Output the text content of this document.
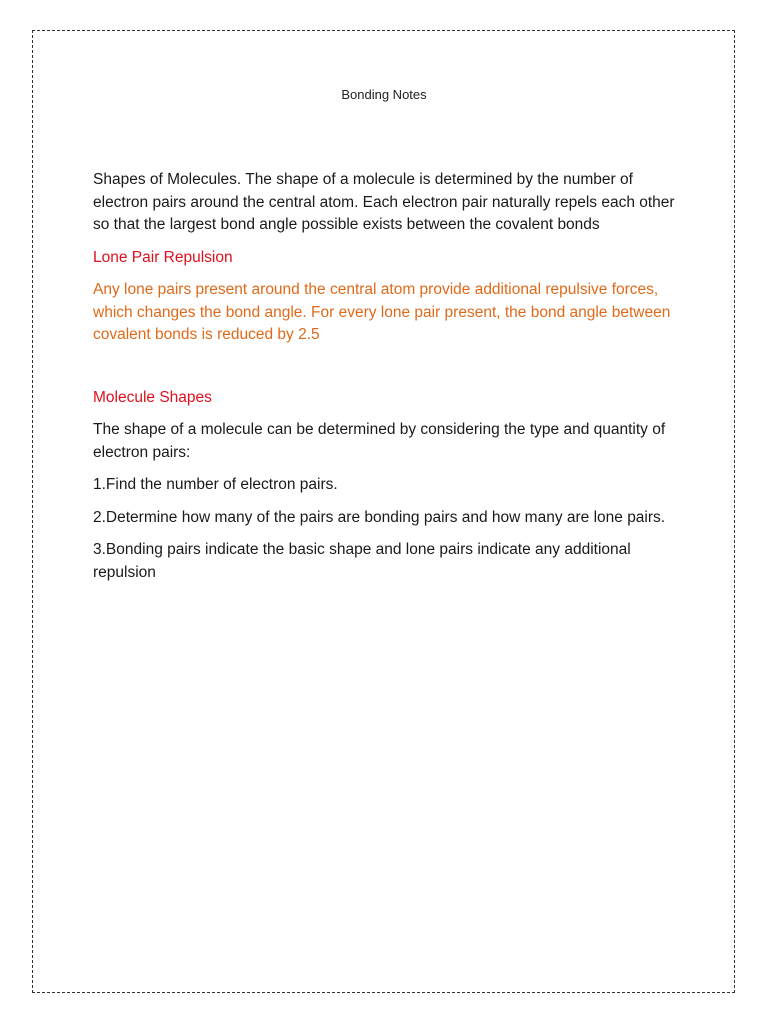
Bonding Notes

Shapes of Molecules. The shape of a molecule is determined by the number of electron pairs around the central atom. Each electron pair naturally repels each other so that the largest bond angle possible exists between the covalent bonds

Lone Pair Repulsion

Any lone pairs present around the central atom provide additional repulsive forces, which changes the bond angle. For every lone pair present, the bond angle between covalent bonds is reduced by 2.5

Molecule Shapes

The shape of a molecule can be determined by considering the type and quantity of electron pairs:

1.Find the number of electron pairs.

2.Determine how many of the pairs are bonding pairs and how many are lone pairs.

3.Bonding pairs indicate the basic shape and lone pairs indicate any additional repulsion
